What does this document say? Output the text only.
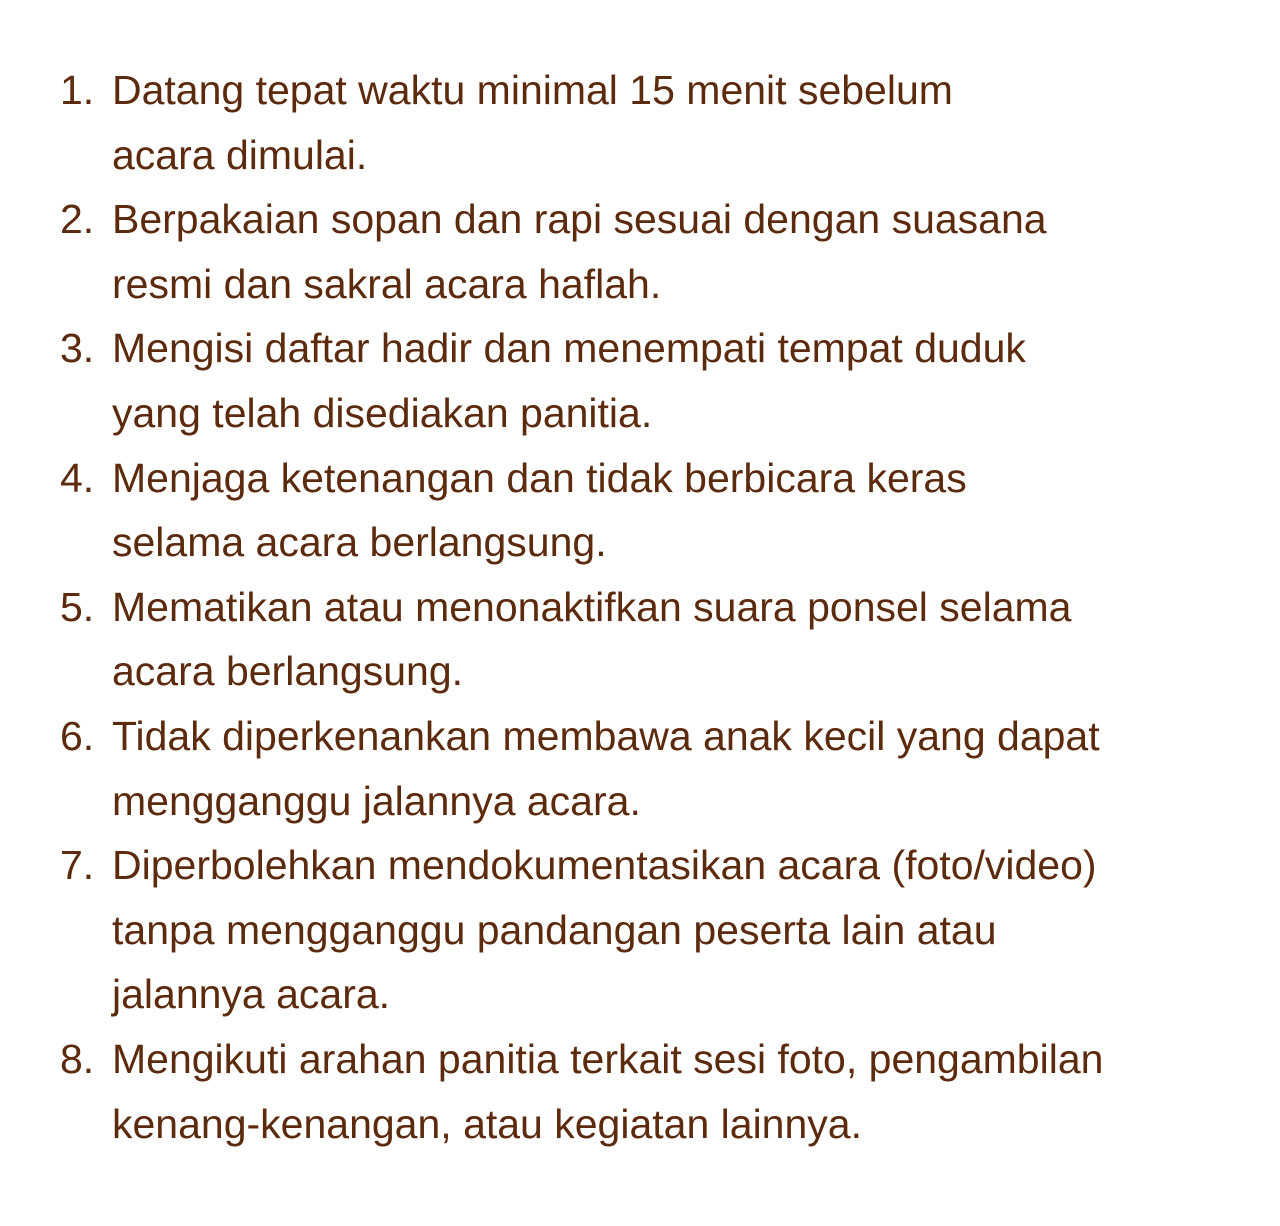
1. Datang tepat waktu minimal 15 menit sebelum
acara dimulai.
2. Berpakaian sopan dan rapi sesuai dengan suasana
resmi dan sakral acara haflah.
3. Mengisi daftar hadir dan menempati tempat duduk
yang telah disediakan panitia.
4. Menjaga ketenangan dan tidak berbicara keras
selama acara berlangsung.
5. Mematikan atau menonaktifkan suara ponsel selama
acara berlangsung.
6. Tidak diperkenankan membawa anak kecil yang dapat
mengganggu jalannya acara.
7. Diperbolehkan mendokumentasikan acara (foto/video)
tanpa mengganggu pandangan peserta lain atau
jalannya acara.
8. Mengikuti arahan panitia terkait sesi foto, pengambilan
kenang-kenangan, atau kegiatan lainnya.
